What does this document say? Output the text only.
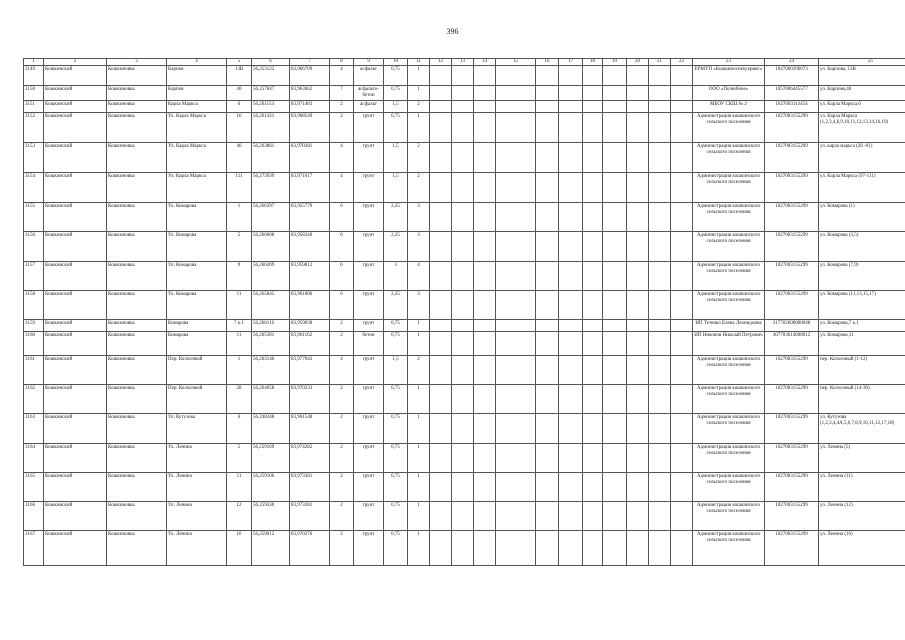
396
1	2	3	4	5	6	7	8	9	10	11	12	13	14	15	16	17	18	19	20	21	22	23	24	25
3149	Кошкинский	Кошкиновка	Карпов	13В	56,253122	83,966709	4	асфальт	0,75	1												ЕРМУП «Кошкиноспецсервис»	1047000396073	ул. Карпова, 13В
3150	Кошкинский	Кошкиновка	Карпов	40	56,257847	83,963662	7	асфальто-бетон	0,75	1												ООО «Полюбное»	1057006445577	ул. Карпова,40
3151	Кошкинский	Кошкиновка	Карла Маркса	6	56,261153	83,971483	2	асфальт	1,5	2												МБОУ СКШ № 2	1027003113454	ул. Карла Маркса,6
3152	Кошкинский	Кошкиновка	Ул. Карла Маркса	16	56,261421	83,968549	2	грунт	0,75	1												Администрация кошкинского сельского поселения	1027003155299	ул. Карла Маркса (1,2,3,4,8,9,10,11,12,13,14,16,19)
3153	Кошкинский	Кошкиновка	Ул. Карла Маркса	46	56,263861	83,970281	4	грунт	1,5	2												Администрация кошкинского сельского поселения	1027003155299	ул. карла маркса (20 -61)
3154	Кошкинский	Кошкиновка	Ул. Карла Маркса	111	56,273939	83,971617	4	грунт	1,5	2												Администрация кошкинского сельского поселения	1027003155299	ул. Карла Маркса (97-111)
3155	Кошкинский	Кошкиновка	Ул. Комарова	1	56,266397	83,955779	6	грунт	2,25	3												Администрация кошкинского сельского поселения	1027003155299	ул. Комарова (1)
3156	Кошкинский	Кошкиновка	Ул. Комарова	5	56,266668	83,958340	6	грунт	2,25	3												Администрация кошкинского сельского поселения	1027003155299	ул. Комарова (3,5)
3157	Кошкинский	Кошкиновка	Ул. Комарова	9	56,266209	83,959812	6	грунт	3	4												Администрация кошкинского сельского поселения	1027003155299	ул. Комарова (7,9)
3158	Кошкинский	Кошкиновка	Ул. Комарова	11	56,265845	83,961006	6	грунт	2,25	3												Администрация кошкинского сельского поселения	1027003155299	ул. Комарова (11,13,15,17)
3159	Кошкинский	Кошкиновка	Комарова	7 к.1	56,266116	83,959038	2	грунт	0,75	1												ИП Тетенко Елена Леонидовна	317702600000048	ул. Комарова,7 к.1
3160	Кошкинский	Кошкиновка	Комарова	11	56,265381	83,961162	2	бетон	0,75	1												ИП Никонов Николай Петрович	307703614000012	ул. Комарова,11
3161	Кошкинский	Кошкиновка	Пер. Колхозный	1	56,263146	83,977943	4	грунт	1,5	2												Администрация кошкинского сельского поселения	1027003155299	пер. Колхозный (1-12)
3162	Кошкинский	Кошкиновка	Пер. Колхозный	28	56,264058	83,970233	2	грунт	0,75	1												Администрация кошкинского сельского поселения	1027003155299	пер. Колхозный (14-30)
3163	Кошкинский	Кошкиновка	Ул. Кутузова	6	56,248348	83,961548	2	грунт	0,75	1												Администрация кошкинского сельского поселения	1027003155299	ул. Кутузова (1,2,3,4,4А,5,6,7,8,9,10,11,12,17,18)
3164	Кошкинский	Кошкиновка	Ул. Ленина	5	56,259169	83,974282	2	грунт	0,75	1												Администрация кошкинского сельского поселения	1027003155299	ул. Ленина (5)
3165	Кошкинский	Кошкиновка	Ул. Ленина	11	56,259106	83,973361	2	грунт	0,75	1												Администрация кошкинского сельского поселения	1027003155299	ул. Ленина (11)
3166	Кошкинский	Кошкиновка	Ул. Ленина	12	56,259330	83,973281	2	грунт	0,75	1												Администрация кошкинского сельского поселения	1027003155299	ул. Ленина (12)
3167	Кошкинский	Кошкиновка	Ул. Ленина	16	56,259012	83,970276	2	грунт	0,75	1												Администрация кошкинского сельского поселения	1027003155299	ул. Ленина (16)
